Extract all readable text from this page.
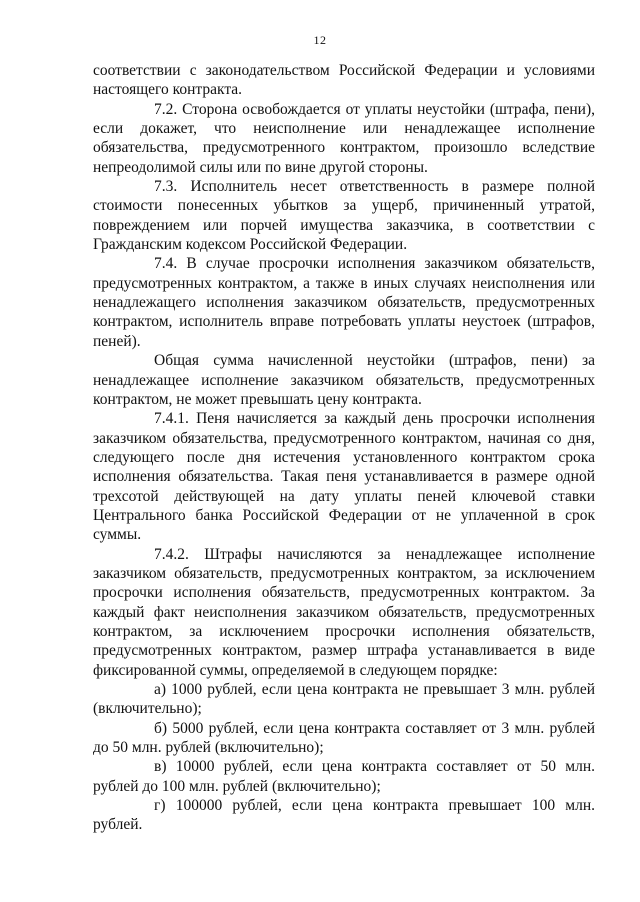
12

соответствии с законодательством Российской Федерации и условиями настоящего контракта.

7.2. Сторона освобождается от уплаты неустойки (штрафа, пени), если докажет, что неисполнение или ненадлежащее исполнение обязательства, предусмотренного контрактом, произошло вследствие непреодолимой силы или по вине другой стороны.

7.3. Исполнитель несет ответственность в размере полной стоимости понесенных убытков за ущерб, причиненный утратой, повреждением или порчей имущества заказчика, в соответствии с Гражданским кодексом Российской Федерации.

7.4. В случае просрочки исполнения заказчиком обязательств, предусмотренных контрактом, а также в иных случаях неисполнения или ненадлежащего исполнения заказчиком обязательств, предусмотренных контрактом, исполнитель вправе потребовать уплаты неустоек (штрафов, пеней).

Общая сумма начисленной неустойки (штрафов, пени) за ненадлежащее исполнение заказчиком обязательств, предусмотренных контрактом, не может превышать цену контракта.

7.4.1. Пеня начисляется за каждый день просрочки исполнения заказчиком обязательства, предусмотренного контрактом, начиная со дня, следующего после дня истечения установленного контрактом срока исполнения обязательства. Такая пеня устанавливается в размере одной трехсотой действующей на дату уплаты пеней ключевой ставки Центрального банка Российской Федерации от не уплаченной в срок суммы.

7.4.2. Штрафы начисляются за ненадлежащее исполнение заказчиком обязательств, предусмотренных контрактом, за исключением просрочки исполнения обязательств, предусмотренных контрактом. За каждый факт неисполнения заказчиком обязательств, предусмотренных контрактом, за исключением просрочки исполнения обязательств, предусмотренных контрактом, размер штрафа устанавливается в виде фиксированной суммы, определяемой в следующем порядке:

а) 1000 рублей, если цена контракта не превышает 3 млн. рублей (включительно);

б) 5000 рублей, если цена контракта составляет от 3 млн. рублей до 50 млн. рублей (включительно);

в) 10000 рублей, если цена контракта составляет от 50 млн. рублей до 100 млн. рублей (включительно);

г) 100000 рублей, если цена контракта превышает 100 млн. рублей.
